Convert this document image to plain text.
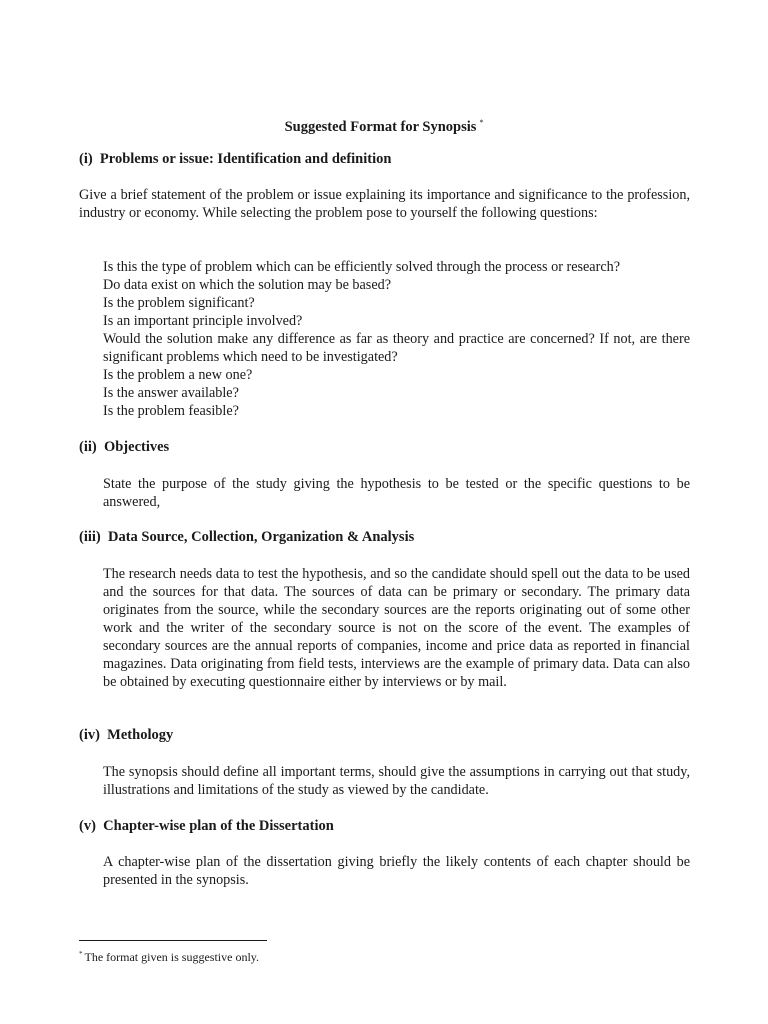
Suggested Format for Synopsis *
(i)  Problems or issue: Identification and definition

Give a brief statement of the problem or issue explaining its importance and significance to the profession, industry or economy. While selecting the problem pose to yourself the following questions:

Is this the type of problem which can be efficiently solved through the process or research?
Do data exist on which the solution may be based?
Is the problem significant?
Is an important principle involved?
Would the solution make any difference as far as theory and practice are concerned? If not, are there significant problems which need to be investigated?
Is the problem a new one?
Is the answer available?
Is the problem feasible?
(ii)  Objectives

State the purpose of the study giving the hypothesis to be tested or the specific questions to be answered,

(iii)  Data Source, Collection, Organization & Analysis

The research needs data to test the hypothesis, and so the candidate should spell out the data to be used and the sources for that data. The sources of data can be primary or secondary. The primary data originates from the source, while the secondary sources are the reports originating out of some other work and the writer of the secondary source is not on the score of the event. The examples of secondary sources are the annual reports of companies, income and price data as reported in financial magazines. Data originating from field tests, interviews are the example of primary data. Data can also be obtained by executing questionnaire either by interviews or by mail.

(iv)  Methology

The synopsis should define all important terms, should give the assumptions in carrying out that study, illustrations and limitations of the study as viewed by the candidate.

(v)  Chapter-wise plan of the Dissertation

A chapter-wise plan of the dissertation giving briefly the likely contents of each chapter should be presented in the synopsis.

* The format given is suggestive only.
